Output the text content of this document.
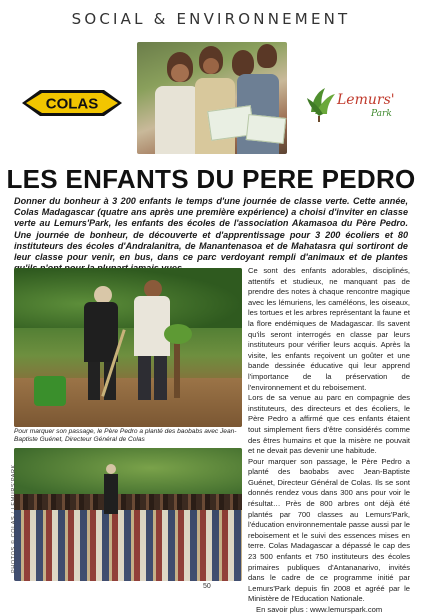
SOCIAL & ENVIRONNEMENT
COLAS	Lemurs'
Park
LES ENFANTS DU PERE PEDRO
Donner du bonheur à 3 200 enfants le temps d'une journée de classe verte. Cette année, Colas Madagascar (quatre ans après une première expérience) a choisi d'inviter en classe verte au Lemurs'Park, les enfants des écoles de l'association Akamasoa du Père Pedro. Une journée de bonheur, de découverte et d'apprentissage pour 3 200 écoliers et 80 instituteurs des écoles d'Andralanitra, de Manantenasoa et de Mahatasra qui sortiront de leur classe pour venir, en bus, dans ce parc verdoyant rempli d'animaux et de plantes
Pour marquer son passage, le Père Pedro a planté des baobabs avec Jean-Baptiste Guénet, Directeur Général de Colas
PHOTOS © COLAS / LEMURS'PARK

Ce sont des enfants adorables, disciplinés, attentifs et studieux, ne manquant pas de prendre des notes à chaque rencontre magique avec les lémuriens, les caméléons, les oiseaux, les tortues et les arbres représentant la faune et la flore endémiques de Madagascar. Ils savent qu'ils seront interrogés en classe par leurs instituteurs pour vérifier leurs acquis. Après la visite, les enfants reçoivent un goûter et une bande dessinée éducative qui leur apprend l'importance de la préservation de l'environnement et du reboisement.

Lors de sa venue au parc en compagnie des instituteurs, des directeurs et des écoliers, le Père Pedro a affirmé que ces enfants étaient tout simplement fiers d'être considérés comme des êtres humains et que la misère ne pouvait et ne devait pas devenir une habitude.

Pour marquer son passage, le Père Pedro a planté des baobabs avec Jean-Baptiste Guénet, Directeur Général de Colas. Ils se sont donnés rendez vous dans 300 ans pour voir le résultat… Près de 800 arbres ont déjà été plantés par 700 classes au Lemurs'Park, l'éducation environnementale passe aussi par le reboisement et le suivi des essences mises en terre. Colas Madagascar a dépassé le cap des 23 500 enfants et 750 instituteurs des écoles primaires publiques d'Antananarivo, invités dans le cadre de ce programme initié par Lemurs'Park depuis fin 2008 et agréé par le Ministère de l'Education Nationale.

En savoir plus : www.lemurspark.com

50
